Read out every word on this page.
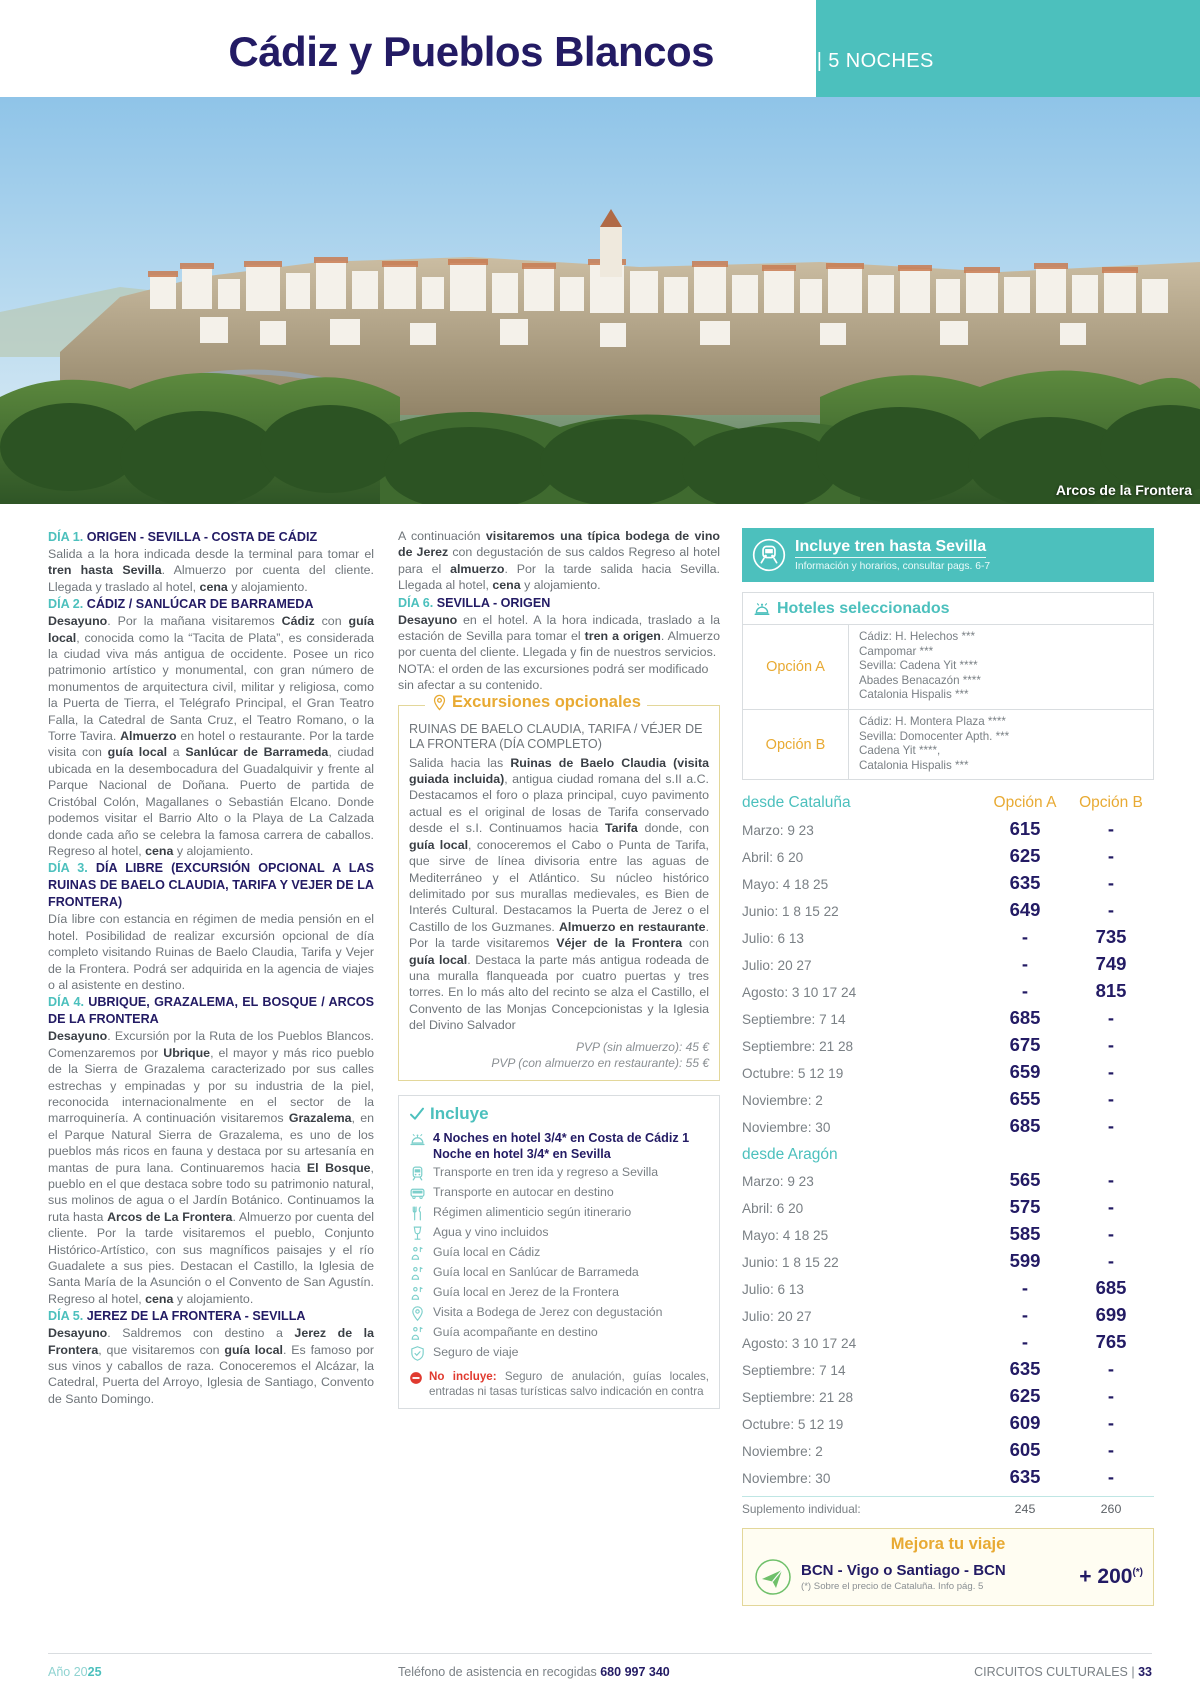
Cádiz y Pueblos Blancos	6 DÍAS | 5 NOCHES
Arcos de la Frontera
DÍA 1. ORIGEN - SEVILLA - COSTA DE CÁDIZ

Salida a la hora indicada desde la terminal para tomar el tren hasta Sevilla. Almuerzo por cuenta del cliente. Llegada y traslado al hotel, cena y alojamiento.

DÍA 2. CÁDIZ / SANLÚCAR DE BARRAMEDA

Desayuno. Por la mañana visitaremos Cádiz con guía local, conocida como la “Tacita de Plata”, es considerada la ciudad viva más antigua de occidente. Posee un rico patrimonio artístico y monumental, con gran número de monumentos de arquitectura civil, militar y religiosa, como la Puerta de Tierra, el Telégrafo Principal, el Gran Teatro Falla, la Catedral de Santa Cruz, el Teatro Romano, o la Torre Tavira. Almuerzo en hotel o restaurante. Por la tarde visita con guía local a Sanlúcar de Barrameda, ciudad ubicada en la desembocadura del Guadalquivir y frente al Parque Nacional de Doñana. Puerto de partida de Cristóbal Colón, Magallanes o Sebastián Elcano. Donde podemos visitar el Barrio Alto o la Playa de La Calzada donde cada año se celebra la famosa carrera de caballos. Regreso al hotel, cena y alojamiento.

DÍA 3. DÍA LIBRE (EXCURSIÓN OPCIONAL A LAS RUINAS DE BAELO CLAUDIA, TARIFA Y VEJER DE LA FRONTERA)

Día libre con estancia en régimen de media pensión en el hotel. Posibilidad de realizar excursión opcional de día completo visitando Ruinas de Baelo Claudia, Tarifa y Vejer de la Frontera. Podrá ser adquirida en la agencia de viajes o al asistente en destino.

DÍA 4. UBRIQUE, GRAZALEMA, EL BOSQUE / ARCOS DE LA FRONTERA

Desayuno. Excursión por la Ruta de los Pueblos Blancos. Comenzaremos por Ubrique, el mayor y más rico pueblo de la Sierra de Grazalema caracterizado por sus calles estrechas y empinadas y por su industria de la piel, reconocida internacionalmente en el sector de la marroquinería. A continuación visitaremos Grazalema, en el Parque Natural Sierra de Grazalema, es uno de los pueblos más ricos en fauna y destaca por su artesanía en mantas de pura lana. Continuaremos hacia El Bosque, pueblo en el que destaca sobre todo su patrimonio natural, sus molinos de agua o el Jardín Botánico. Continuamos la ruta hasta Arcos de La Frontera. Almuerzo por cuenta del cliente. Por la tarde visitaremos el pueblo, Conjunto Histórico-Artístico, con sus magníficos paisajes y el río Guadalete a sus pies. Destacan el Castillo, la Iglesia de Santa María de la Asunción o el Convento de San Agustín. Regreso al hotel, cena y alojamiento.

DÍA 5. JEREZ DE LA FRONTERA - SEVILLA

Desayuno. Saldremos con destino a Jerez de la Frontera, que visitaremos con guía local. Es famoso por sus vinos y caballos de raza. Conoceremos el Alcázar, la Catedral, Puerta del Arroyo, Iglesia de Santiago, Convento de Santo Domingo.

A continuación visitaremos una típica bodega de vino de Jerez con degustación de sus caldos Regreso al hotel para el almuerzo. Por la tarde salida hacia Sevilla. Llegada al hotel, cena y alojamiento.

DÍA 6. SEVILLA - ORIGEN

Desayuno en el hotel. A la hora indicada, traslado a la estación de Sevilla para tomar el tren a origen. Almuerzo por cuenta del cliente. Llegada y fin de nuestros servicios.

NOTA: el orden de las excursiones podrá ser modificado sin afectar a su contenido.

Excursiones opcionales
RUINAS DE BAELO CLAUDIA, TARIFA / VÉJER DE LA FRONTERA (DÍA COMPLETO)
Salida hacia las Ruinas de Baelo Claudia (visita guiada incluida), antigua ciudad romana del s.II a.C. Destacamos el foro o plaza principal, cuyo pavimento actual es el original de losas de Tarifa conservado desde el s.I. Continuamos hacia Tarifa donde, con guía local, conoceremos el Cabo o Punta de Tarifa, que sirve de línea divisoria entre las aguas de Mediterráneo y el Atlántico. Su núcleo histórico delimitado por sus murallas medievales, es Bien de Interés Cultural. Destacamos la Puerta de Jerez o el Castillo de los Guzmanes. Almuerzo en restaurante. Por la tarde visitaremos Véjer de la Frontera con guía local. Destaca la parte más antigua rodeada de una muralla flanqueada por cuatro puertas y tres torres. En lo más alto del recinto se alza el Castillo, el Convento de las Monjas Concepcionistas y la Iglesia del Divino Salvador
PVP (sin almuerzo): 45 €
PVP (con almuerzo en restaurante): 55 €
Incluye
4 Noches en hotel 3/4* en Costa de Cádiz 1 Noche en hotel 3/4* en Sevilla
Transporte en tren ida y regreso a Sevilla
Transporte en autocar en destino
Régimen alimenticio según itinerario
Agua y vino incluidos
Guía local en Cádiz
Guía local en Sanlúcar de Barrameda
Guía local en Jerez de la Frontera
Visita a Bodega de Jerez con degustación
Guía acompañante en destino
Seguro de viaje
No incluye: Seguro de anulación, guías locales, entradas ni tasas turísticas salvo indicación en contra
Incluye tren hasta Sevilla
Información y horarios, consultar pags. 6-7
Hoteles seleccionados
Opción A
Cádiz: H. Helechos ***
Campomar ***
Sevilla: Cadena Yit ****
Abades Benacazón ****
Catalonia Hispalis ***
Opción B
Cádiz: H. Montera Plaza ****
Sevilla: Domocenter Apth. ***
Cadena Yit ****,
Catalonia Hispalis ***
desde Cataluña	Opción A	Opción B
Marzo: 9 23	615	-
Abril: 6 20	625	-
Mayo: 4 18 25	635	-
Junio: 1 8 15 22	649	-
Julio: 6 13	-	735
Julio: 20 27	-	749
Agosto: 3 10 17 24	-	815
Septiembre: 7 14	685	-
Septiembre: 21 28	675	-
Octubre: 5 12 19	659	-
Noviembre: 2	655	-
Noviembre: 30	685	-
desde Aragón
Marzo: 9 23	565	-
Abril: 6 20	575	-
Mayo: 4 18 25	585	-
Junio: 1 8 15 22	599	-
Julio: 6 13	-	685
Julio: 20 27	-	699
Agosto: 3 10 17 24	-	765
Septiembre: 7 14	635	-
Septiembre: 21 28	625	-
Octubre: 5 12 19	609	-
Noviembre: 2	605	-
Noviembre: 30	635	-
Suplemento individual:	245	260
Mejora tu viaje
BCN - Vigo o Santiago - BCN
(*) Sobre el precio de Cataluña. Info pág. 5	+ 200(*)
Año 2025	Teléfono de asistencia en recogidas 680 997 340	CIRCUITOS CULTURALES | 33
